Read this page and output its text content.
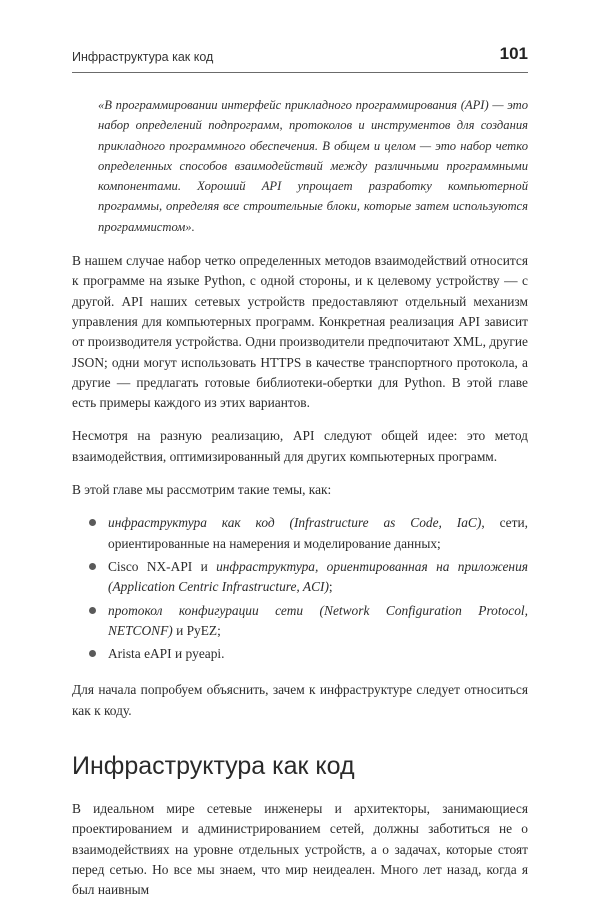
Инфраструктура как код	101

«В программировании интерфейс прикладного программирования (API) — это набор определений подпрограмм, протоколов и инструментов для создания прикладного программного обеспечения. В общем и целом — это набор четко определенных способов взаимодействий между различными программными компонентами. Хороший API упрощает разработку компьютерной программы, определяя все строительные блоки, которые затем используются программистом».

В нашем случае набор четко определенных методов взаимодействий относится к программе на языке Python, с одной стороны, и к целевому устройству — с другой. API наших сетевых устройств предоставляют отдельный механизм управления для компьютерных программ. Конкретная реализация API зависит от производителя устройства. Одни производители предпочитают XML, другие JSON; одни могут использовать HTTPS в качестве транспортного протокола, а другие — предлагать готовые библиотеки-обертки для Python. В этой главе есть примеры каждого из этих вариантов.

Несмотря на разную реализацию, API следуют общей идее: это метод взаимодействия, оптимизированный для других компьютерных программ.

В этой главе мы рассмотрим такие темы, как:

инфраструктура как код (Infrastructure as Code, IaC), сети, ориентированные на намерения и моделирование данных;
Cisco NX-API и инфраструктура, ориентированная на приложения (Application Centric Infrastructure, ACI);
протокол конфигурации сети (Network Configuration Protocol, NETCONF) и PyEZ;
Arista eAPI и pyeapi.

Для начала попробуем объяснить, зачем к инфраструктуре следует относиться как к коду.

Инфраструктура как код

В идеальном мире сетевые инженеры и архитекторы, занимающиеся проектированием и администрированием сетей, должны заботиться не о взаимодействиях на уровне отдельных устройств, а о задачах, которые стоят перед сетью. Но все мы знаем, что мир неидеален. Много лет назад, когда я был наивным
